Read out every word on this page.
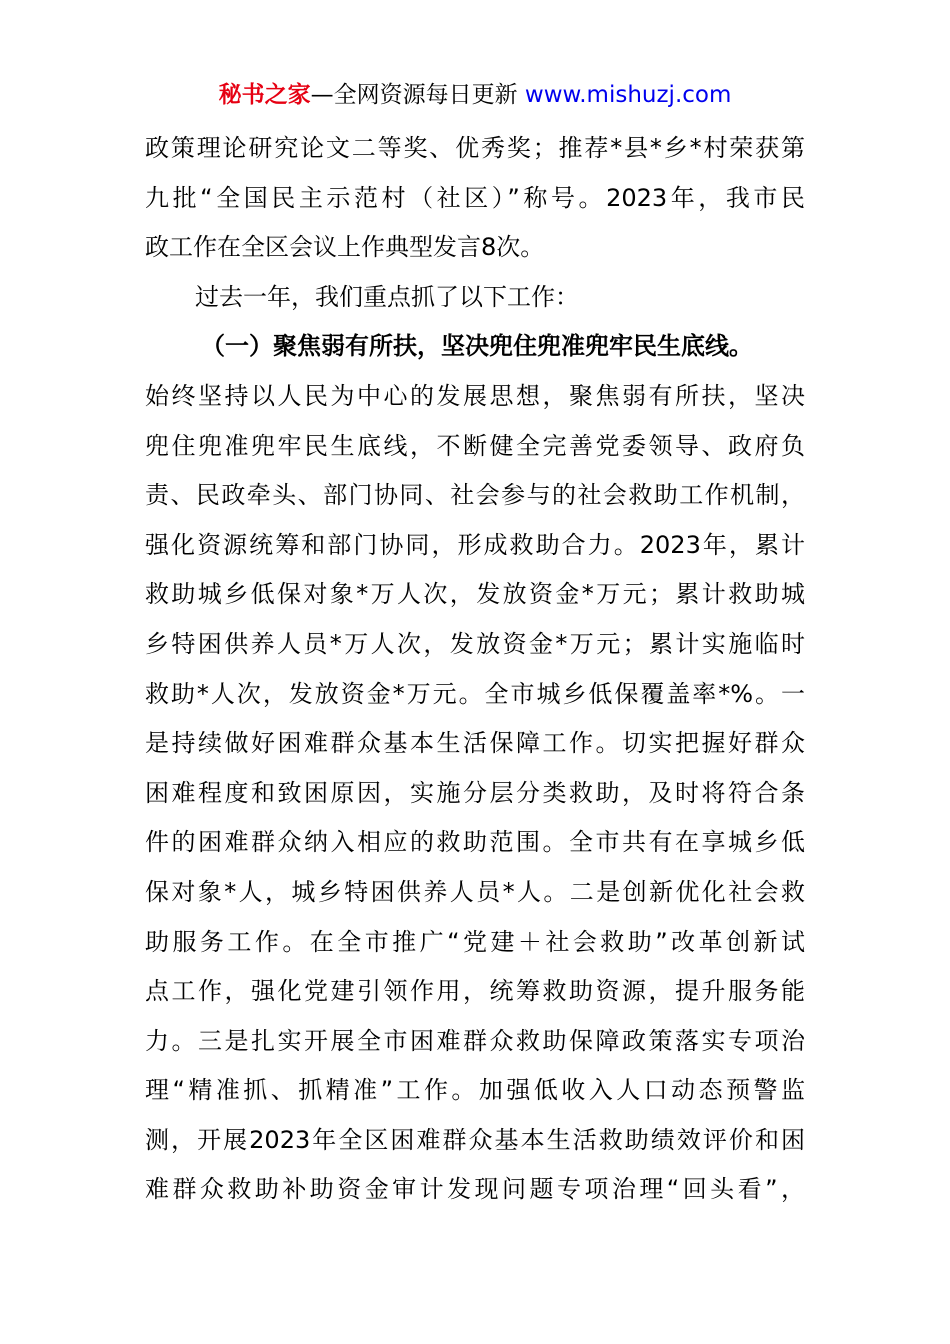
秘书之家—全网资源每日更新 www.mishuzj.com
政策理论研究论文二等奖、优秀奖；推荐*县*乡*村荣获第
九批“全国民主示范村（社区）”称号。2023年，我市民
政工作在全区会议上作典型发言8次。
过去一年，我们重点抓了以下工作：
（一）聚焦弱有所扶，坚决兜住兜准兜牢民生底线。
始终坚持以人民为中心的发展思想，聚焦弱有所扶，坚决
兜住兜准兜牢民生底线，不断健全完善党委领导、政府负
责、民政牵头、部门协同、社会参与的社会救助工作机制，
强化资源统筹和部门协同，形成救助合力。2023年，累计
救助城乡低保对象*万人次，发放资金*万元；累计救助城
乡特困供养人员*万人次，发放资金*万元；累计实施临时
救助*人次，发放资金*万元。全市城乡低保覆盖率*%。一
是持续做好困难群众基本生活保障工作。切实把握好群众
困难程度和致困原因，实施分层分类救助，及时将符合条
件的困难群众纳入相应的救助范围。全市共有在享城乡低
保对象*人，城乡特困供养人员*人。二是创新优化社会救
助服务工作。在全市推广“党建＋社会救助”改革创新试
点工作，强化党建引领作用，统筹救助资源，提升服务能
力。三是扎实开展全市困难群众救助保障政策落实专项治
理“精准抓、抓精准”工作。加强低收入人口动态预警监
测，开展2023年全区困难群众基本生活救助绩效评价和困
难群众救助补助资金审计发现问题专项治理“回头看”，
